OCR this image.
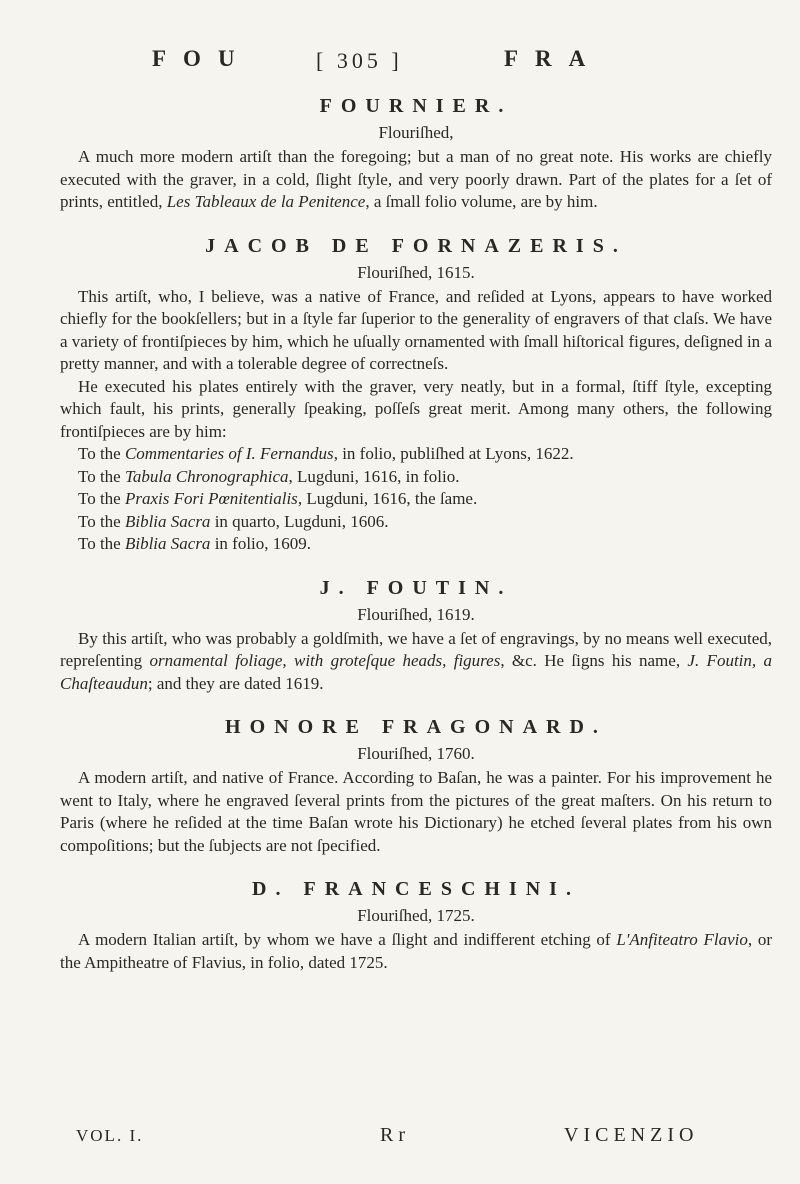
FOU	[ 305 ]	FRA
FOURNIER.

Flouriſhed,

A much more modern artiſt than the foregoing; but a man of no great note. His works are chiefly executed with the graver, in a cold, ſlight ſtyle, and very poorly drawn. Part of the plates for a ſet of prints, entitled, Les Tableaux de la Penitence, a ſmall folio volume, are by him.

JACOB DE FORNAZERIS.

Flouriſhed, 1615.

This artiſt, who, I believe, was a native of France, and reſided at Lyons, appears to have worked chiefly for the bookſellers; but in a ſtyle far ſuperior to the generality of engravers of that claſs. We have a variety of frontiſpieces by him, which he uſually ornamented with ſmall hiſtorical figures, deſigned in a pretty manner, and with a tolerable degree of correctneſs.

He executed his plates entirely with the graver, very neatly, but in a formal, ſtiff ſtyle, excepting which fault, his prints, generally ſpeaking, poſſeſs great merit. Among many others, the following frontiſpieces are by him:

To the Commentaries of I. Fernandus, in folio, publiſhed at Lyons, 1622.
To the Tabula Chronographica, Lugduni, 1616, in folio.
To the Praxis Fori Pœnitentialis, Lugduni, 1616, the ſame.
To the Biblia Sacra in quarto, Lugduni, 1606.
To the Biblia Sacra in folio, 1609.
J. FOUTIN.

Flouriſhed, 1619.

By this artiſt, who was probably a goldſmith, we have a ſet of engravings, by no means well executed, repreſenting ornamental foliage, with groteſque heads, figures, &c. He ſigns his name, J. Foutin, a Chaſteaudun; and they are dated 1619.

HONORE FRAGONARD.

Flouriſhed, 1760.

A modern artiſt, and native of France. According to Baſan, he was a painter. For his improvement he went to Italy, where he engraved ſeveral prints from the pictures of the great maſters. On his return to Paris (where he reſided at the time Baſan wrote his Dictionary) he etched ſeveral plates from his own compoſitions; but the ſubjects are not ſpecified.

D. FRANCESCHINI.

Flouriſhed, 1725.

A modern Italian artiſt, by whom we have a ſlight and indifferent etching of L'Anfiteatro Flavio, or the Ampitheatre of Flavius, in folio, dated 1725.

VOL. I.	R r	VICENZIO
